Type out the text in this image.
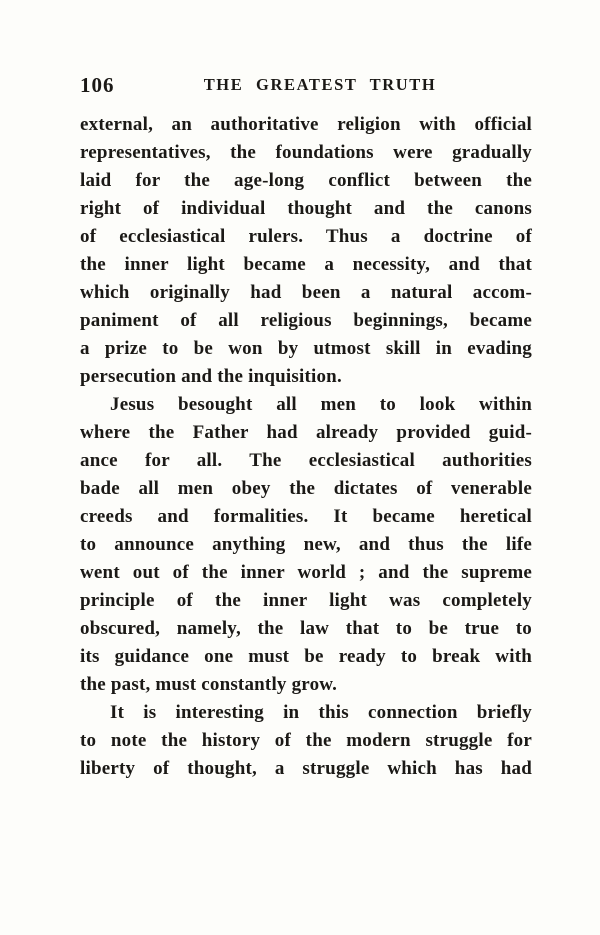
106	THE GREATEST TRUTH
external, an authoritative religion with official
representatives, the foundations were gradually
laid for the age-long conflict between the
right of individual thought and the canons
of ecclesiastical rulers. Thus a doctrine of
the inner light became a necessity, and that
which originally had been a natural accom-
paniment of all religious beginnings, became
a prize to be won by utmost skill in evading
persecution and the inquisition.
Jesus besought all men to look within
where the Father had already provided guid-
ance for all. The ecclesiastical authorities
bade all men obey the dictates of venerable
creeds and formalities. It became heretical
to announce anything new, and thus the life
went out of the inner world ; and the supreme
principle of the inner light was completely
obscured, namely, the law that to be true to
its guidance one must be ready to break with
the past, must constantly grow.
It is interesting in this connection briefly
to note the history of the modern struggle for
liberty of thought, a struggle which has had
